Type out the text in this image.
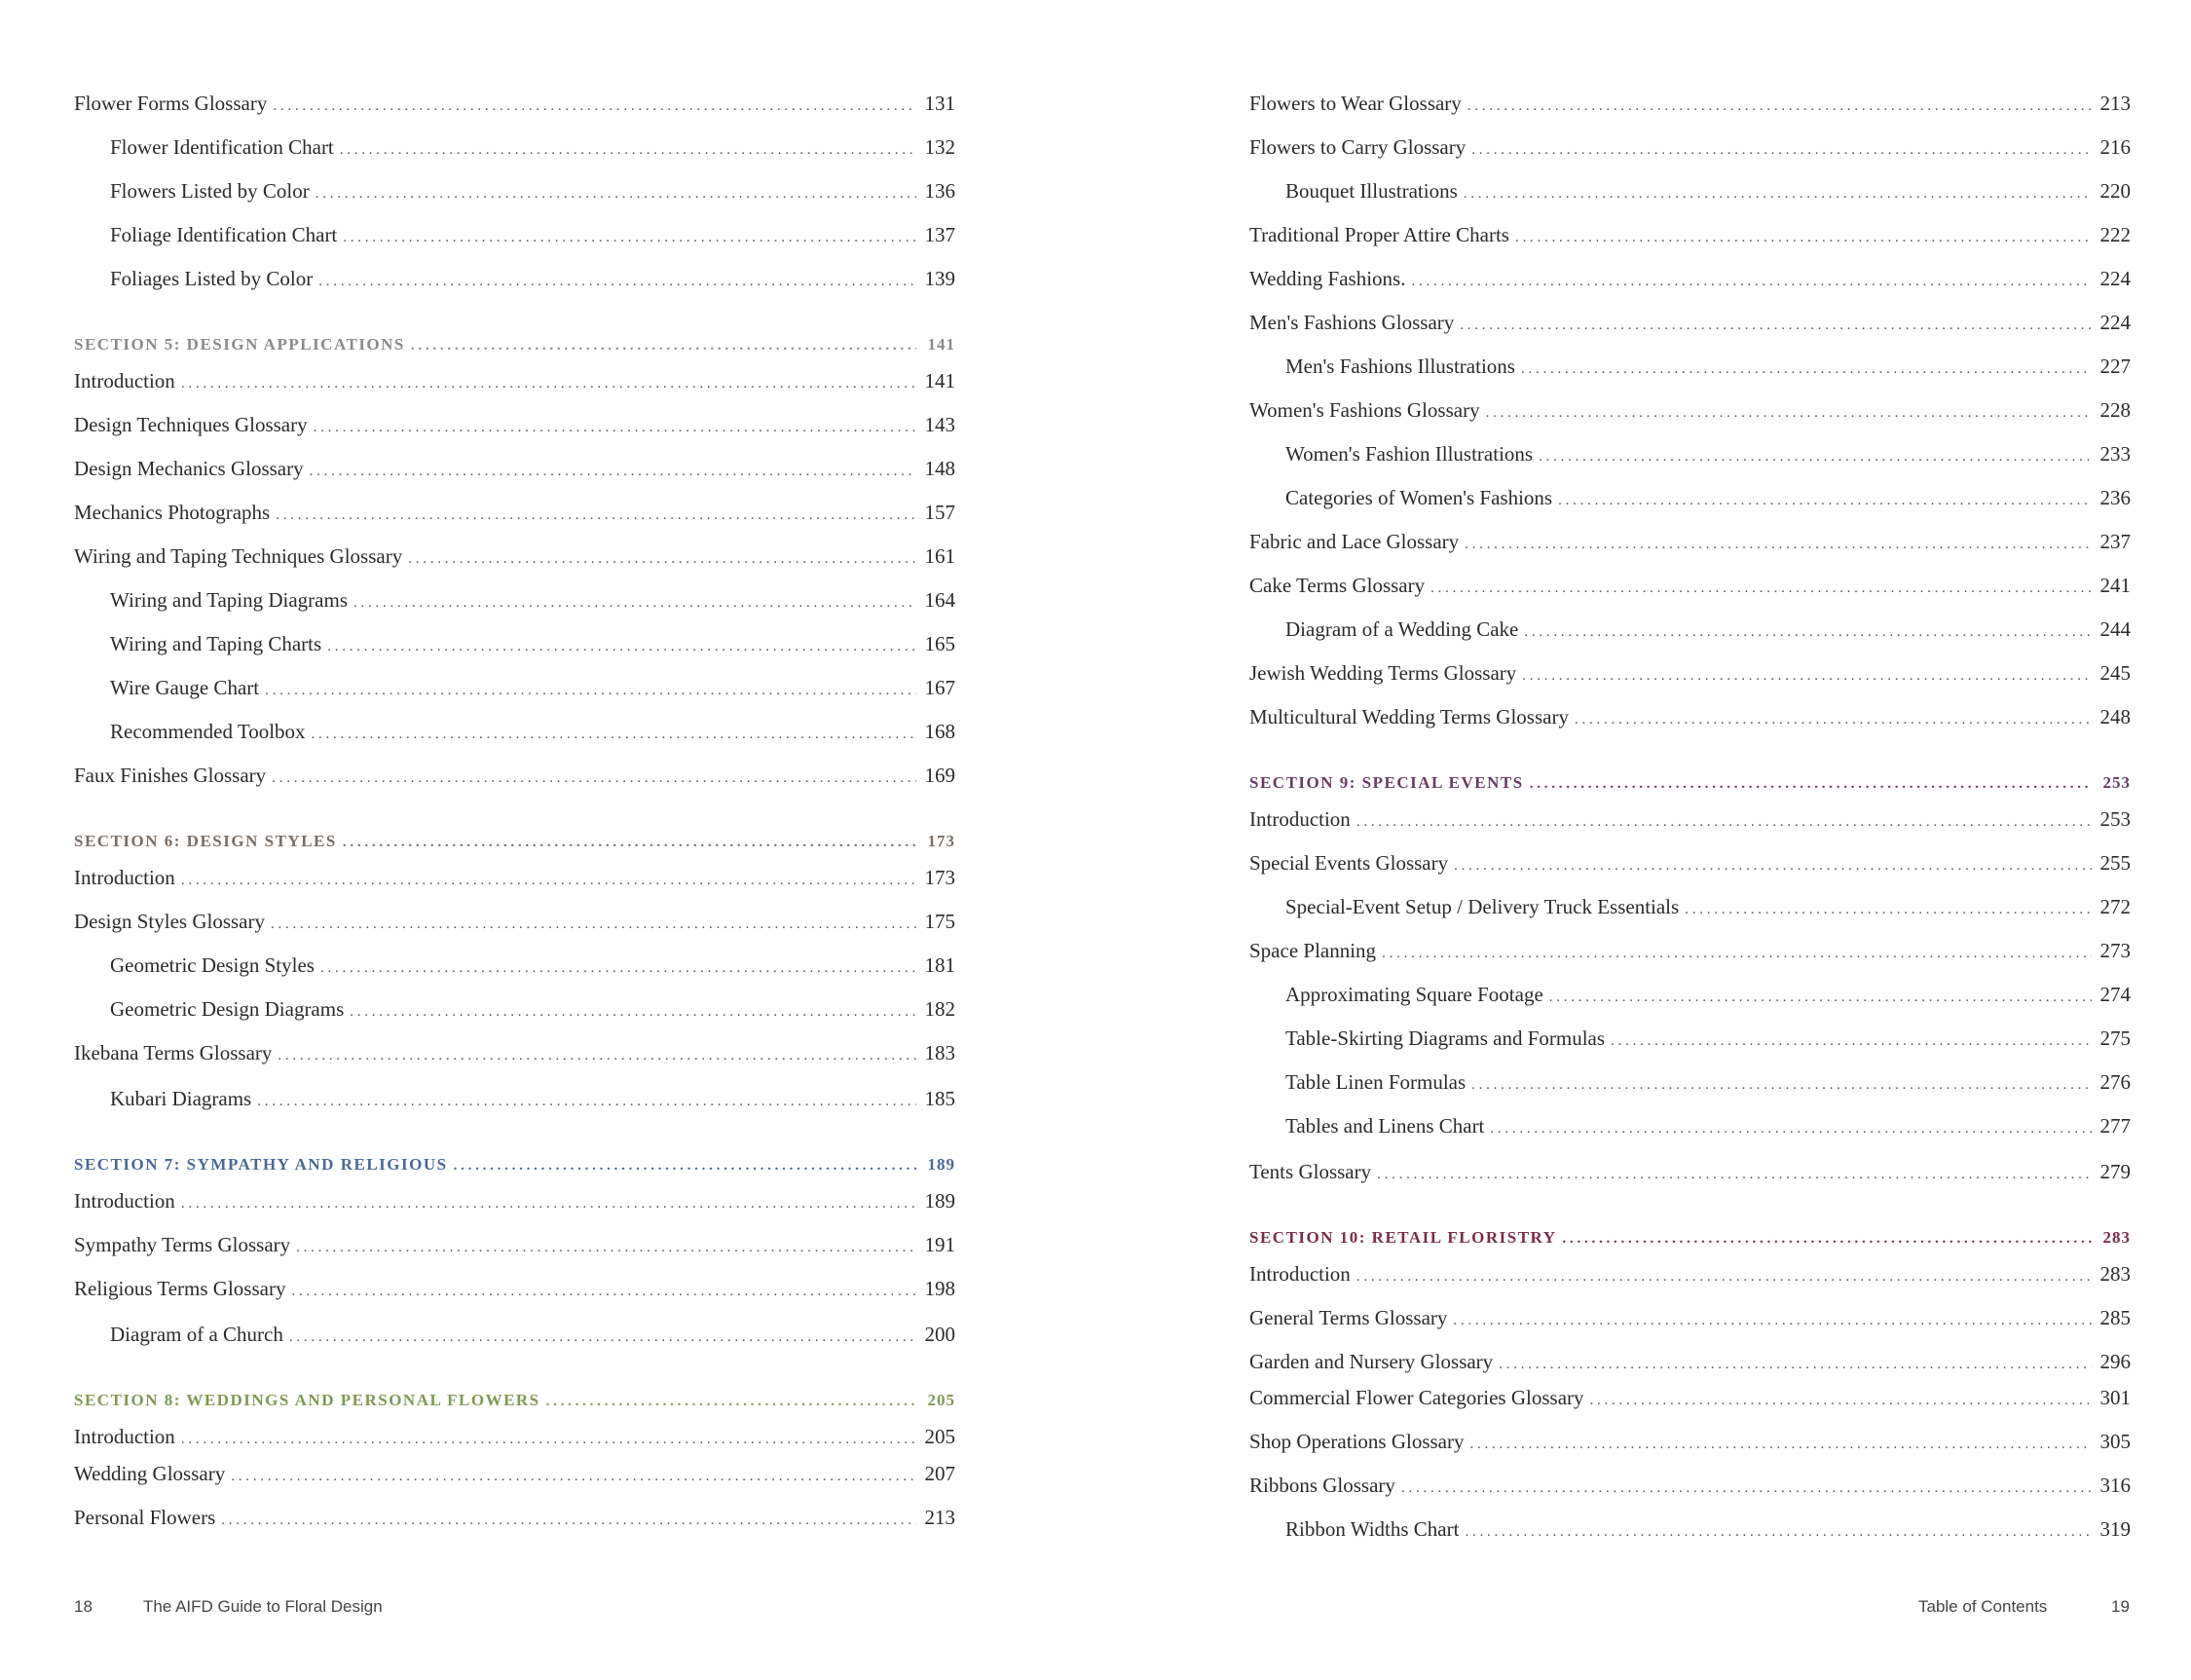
Flower Forms Glossary . . .	131
Flower Identification Chart . . .	132
Flowers Listed by Color . . .	136
Foliage Identification Chart . . .	137
Foliages Listed by Color . . .	139
SECTION 5: DESIGN APPLICATIONS . . .	141
Introduction . . .	141
Design Techniques Glossary . . .	143
Design Mechanics Glossary . . .	148
Mechanics Photographs . . .	157
Wiring and Taping Techniques Glossary . . .	161
Wiring and Taping Diagrams . . .	164
Wiring and Taping Charts . . .	165
Wire Gauge Chart . . .	167
Recommended Toolbox . . .	168
Faux Finishes Glossary . . .	169
SECTION 6: DESIGN STYLES . . .	173
Introduction . . .	173
Design Styles Glossary . . .	175
Geometric Design Styles . . .	181
Geometric Design Diagrams . . .	182
Ikebana Terms Glossary . . .	183
Kubari Diagrams . . .	185
SECTION 7: SYMPATHY AND RELIGIOUS . . .	189
Introduction . . .	189
Sympathy Terms Glossary . . .	191
Religious Terms Glossary . . .	198
Diagram of a Church . . .	200
SECTION 8: WEDDINGS AND PERSONAL FLOWERS . . .	205
Introduction . . .	205
Wedding Glossary . . .	207
Personal Flowers . . .	213
18	The AIFD Guide to Floral Design
Flowers to Wear Glossary . . .	213
Flowers to Carry Glossary . . .	216
Bouquet Illustrations . . .	220
Traditional Proper Attire Charts . . .	222
Wedding Fashions. . . .	224
Men's Fashions Glossary . . .	224
Men's Fashions Illustrations . . .	227
Women's Fashions Glossary . . .	228
Women's Fashion Illustrations . . .	233
Categories of Women's Fashions . . .	236
Fabric and Lace Glossary . . .	237
Cake Terms Glossary . . .	241
Diagram of a Wedding Cake . . .	244
Jewish Wedding Terms Glossary . . .	245
Multicultural Wedding Terms Glossary . . .	248
SECTION 9: SPECIAL EVENTS . . .	253
Introduction . . .	253
Special Events Glossary . . .	255
Special-Event Setup / Delivery Truck Essentials . . .	272
Space Planning . . .	273
Approximating Square Footage . . .	274
Table-Skirting Diagrams and Formulas . . .	275
Table Linen Formulas . . .	276
Tables and Linens Chart . . .	277
Tents Glossary . . .	279
SECTION 10: RETAIL FLORISTRY . . .	283
Introduction . . .	283
General Terms Glossary . . .	285
Garden and Nursery Glossary . . .	296
Commercial Flower Categories Glossary . . .	301
Shop Operations Glossary . . .	305
Ribbons Glossary . . .	316
Ribbon Widths Chart . . .	319
Table of Contents	19
